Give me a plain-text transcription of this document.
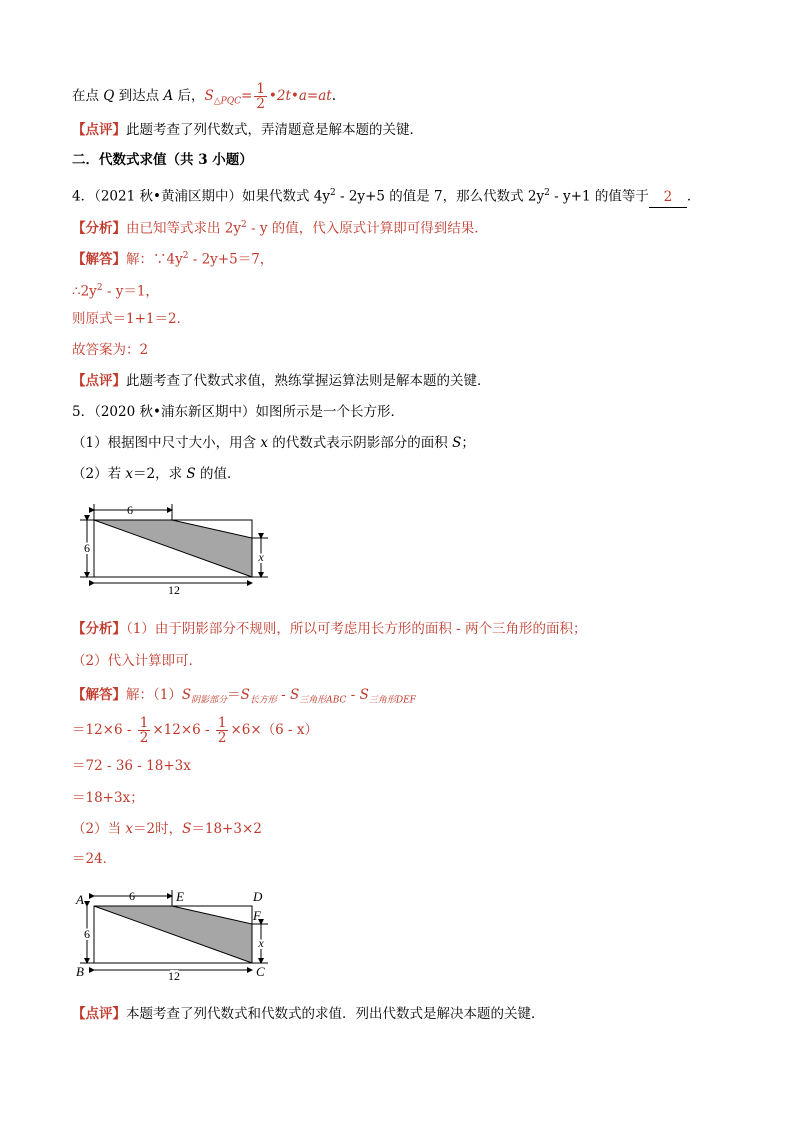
在点 Q 到达点 A 后，$S_{\triangle PQC}= \frac{1}{2}$ •2t•a=at.
【点评】此题考查了列代数式，弄清题意是解本题的关键．
二．代数式求值（共 3 小题）
4．（2021 秋•黄浦区期中）如果代数式 $4y^2 - 2y+5$ 的值是 7，那么代数式 $2y^2 - y+1$ 的值等于 2 ．
【分析】由已知等式求出 $2y^2$ - y 的值，代入原式计算即可得到结果．
【解答】解：$\because 4y^2 - 2y+5=7$，
$\therefore 2y^2 - y=1$，
则原式＝1+1＝2．
故答案为：2
【点评】此题考查了代数式求值，熟练掌握运算法则是解本题的关键．
5．（2020 秋•浦东新区期中）如图所示是一个长方形．
（1）根据图中尺寸大小，用含 x 的代数式表示阴影部分的面积 S；
（2）若 x＝2，求 S 的值．
6
6
12
x
【分析】（1）由于阴影部分不规则，所以可考虑用长方形的面积 - 两个三角形的面积；
（2）代入计算即可．
【解答】解：$(1)S_{阴影部分}=S_{长方形} - S_{三角形ABC} - S_{三角形DEF}$
$=12\times 6 - \frac{1}{2} \times 12\times 6 - \frac{1}{2} \times 6\times(6 - x)$
＝72 - 36 - 18+3x
＝18+3x；
（2）当 x＝2时，S＝18+3×2
＝24．
6
6
12
x
A
B	C
D
E
F
【点评】本题考查了列代数式和代数式的求值．列出代数式是解决本题的关键．
